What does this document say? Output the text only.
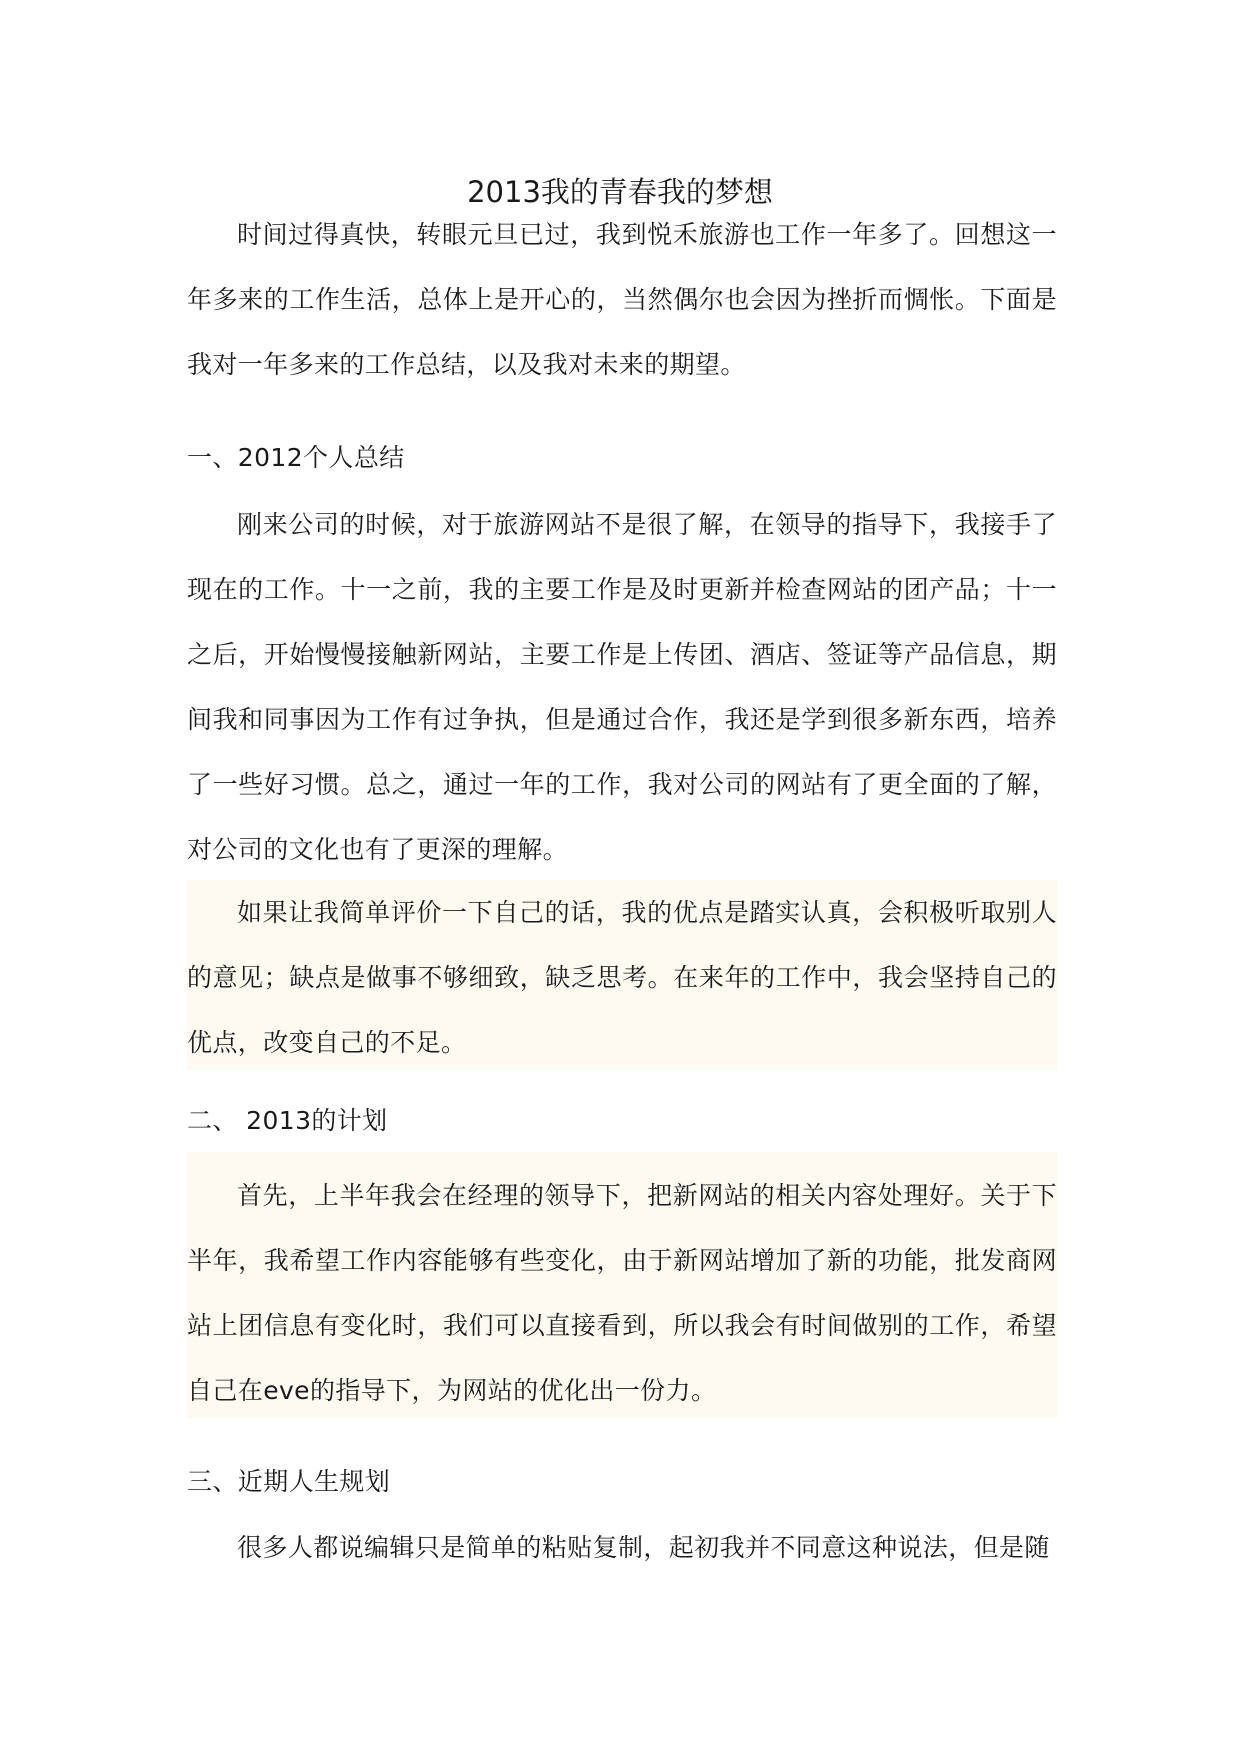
2013我的青春我的梦想

时间过得真快，转眼元旦已过，我到悦禾旅游也工作一年多了。回想这一年多来的工作生活，总体上是开心的，当然偶尔也会因为挫折而惆怅。下面是我对一年多来的工作总结，以及我对未来的期望。

一、2012个人总结

刚来公司的时候，对于旅游网站不是很了解，在领导的指导下，我接手了现在的工作。十一之前，我的主要工作是及时更新并检查网站的团产品；十一之后，开始慢慢接触新网站，主要工作是上传团、酒店、签证等产品信息，期间我和同事因为工作有过争执，但是通过合作，我还是学到很多新东西，培养了一些好习惯。总之，通过一年的工作，我对公司的网站有了更全面的了解，对公司的文化也有了更深的理解。

如果让我简单评价一下自己的话，我的优点是踏实认真，会积极听取别人的意见；缺点是做事不够细致，缺乏思考。在来年的工作中，我会坚持自己的优点，改变自己的不足。

二、 2013的计划

首先，上半年我会在经理的领导下，把新网站的相关内容处理好。关于下半年，我希望工作内容能够有些变化，由于新网站增加了新的功能，批发商网站上团信息有变化时，我们可以直接看到，所以我会有时间做别的工作，希望自己在eve的指导下，为网站的优化出一份力。

三、近期人生规划

很多人都说编辑只是简单的粘贴复制，起初我并不同意这种说法，但是随
